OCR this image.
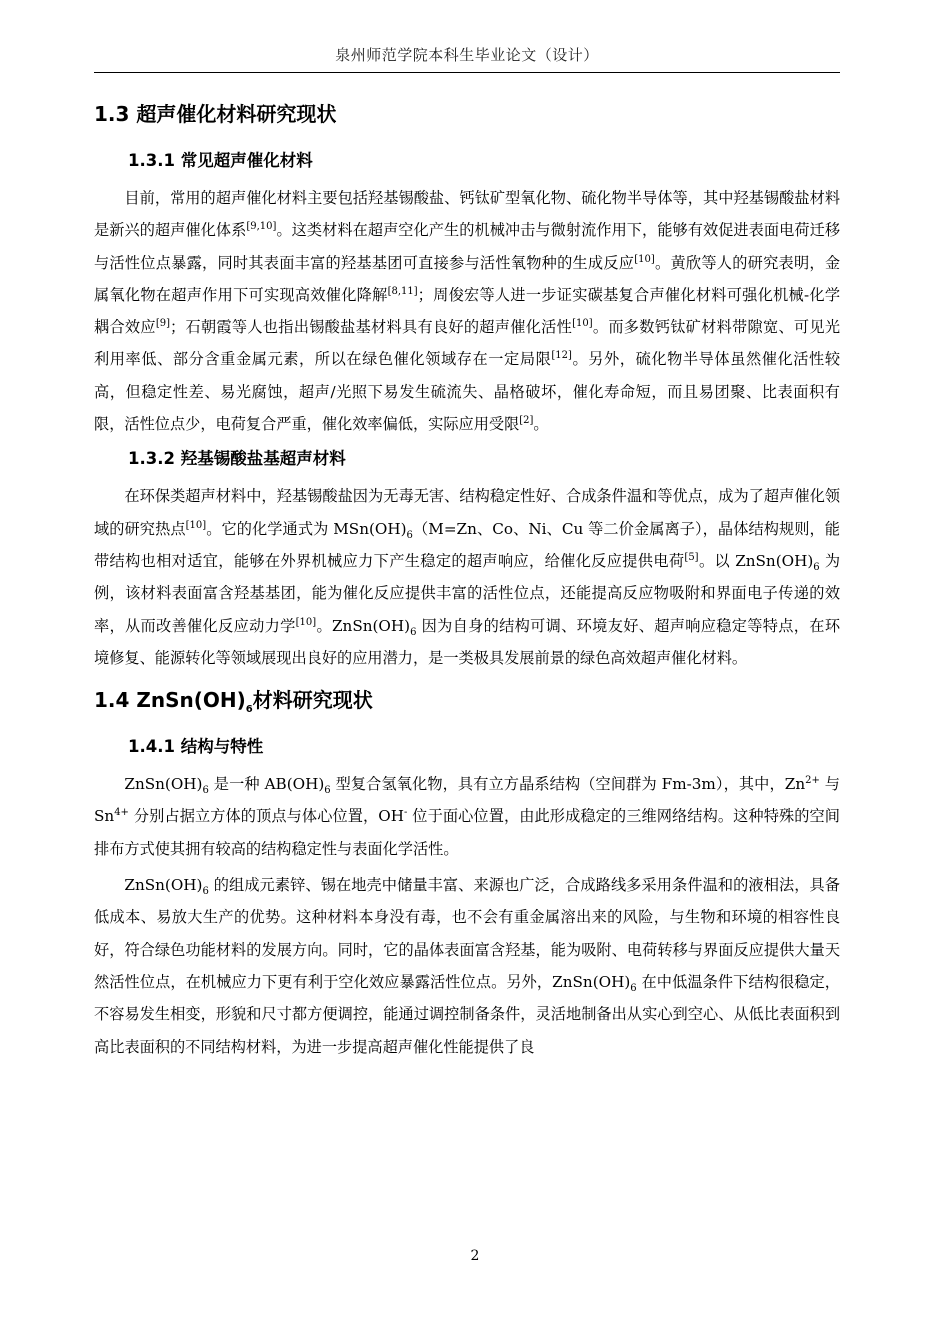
泉州师范学院本科生毕业论文（设计）
1.3 超声催化材料研究现状
1.3.1 常见超声催化材料

目前，常用的超声催化材料主要包括羟基锡酸盐、钙钛矿型氧化物、硫化物半导体等，其中羟基锡酸盐材料是新兴的超声催化体系[9,10]。这类材料在超声空化产生的机械冲击与微射流作用下，能够有效促进表面电荷迁移与活性位点暴露，同时其表面丰富的羟基基团可直接参与活性氧物种的生成反应[10]。黄欣等人的研究表明，金属氧化物在超声作用下可实现高效催化降解[8,11]；周俊宏等人进一步证实碳基复合声催化材料可强化机械-化学耦合效应[9]；石朝霞等人也指出锡酸盐基材料具有良好的超声催化活性[10]。而多数钙钛矿材料带隙宽、可见光利用率低、部分含重金属元素，所以在绿色催化领域存在一定局限[12]。另外，硫化物半导体虽然催化活性较高，但稳定性差、易光腐蚀，超声/光照下易发生硫流失、晶格破坏，催化寿命短，而且易团聚、比表面积有限，活性位点少，电荷复合严重，催化效率偏低，实际应用受限[2]。

1.3.2 羟基锡酸盐基超声材料

在环保类超声材料中，羟基锡酸盐因为无毒无害、结构稳定性好、合成条件温和等优点，成为了超声催化领域的研究热点[10]。它的化学通式为 $MSn(OH)_6(M=Zn$、Co、Ni、Cu 等二价金属离子），晶体结构规则，能带结构也相对适宜，能够在外界机械应力下产生稳定的超声响应，给催化反应提供电荷[5]。以 $ZnSn(OH)_6$ 为例，该材料表面富含羟基基团，能为催化反应提供丰富的活性位点，还能提高反应物吸附和界面电子传递的效率，从而改善催化反应动力学[10]。$ZnSn(OH)_6$ 因为自身的结构可调、环境友好、超声响应稳定等特点，在环境修复、能源转化等领域展现出良好的应用潜力，是一类极具发展前景的绿色高效超声催化材料。

1.4 $ZnSn(OH)_6$材料研究现状
1.4.1 结构与特性

$ZnSn(OH)_6$ 是一种 $AB(OH)_6$ 型复合氢氧化物，具有立方晶系结构（空间群为 Fm-3m），其中，$Zn^{2+}$ 与 $Sn^{4+}$ 分别占据立方体的顶点与体心位置，OH- 位于面心位置，由此形成稳定的三维网络结构。这种特殊的空间排布方式使其拥有较高的结构稳定性与表面化学活性。

$ZnSn(OH)_6$ 的组成元素锌、锡在地壳中储量丰富、来源也广泛，合成路线多采用条件温和的液相法，具备低成本、易放大生产的优势。这种材料本身没有毒，也不会有重金属溶出来的风险，与生物和环境的相容性良好，符合绿色功能材料的发展方向。同时，它的晶体表面富含羟基，能为吸附、电荷转移与界面反应提供大量天然活性位点，在机械应力下更有利于空化效应暴露活性位点。另外，$ZnSn(OH)_6$ 在中低温条件下结构很稳定，不容易发生相变，形貌和尺寸都方便调控，能通过调控制备条件，灵活地制备出从实心到空心、从低比表面积到高比表面积的不同结构材料，为进一步提高超声催化性能提供了良

2
